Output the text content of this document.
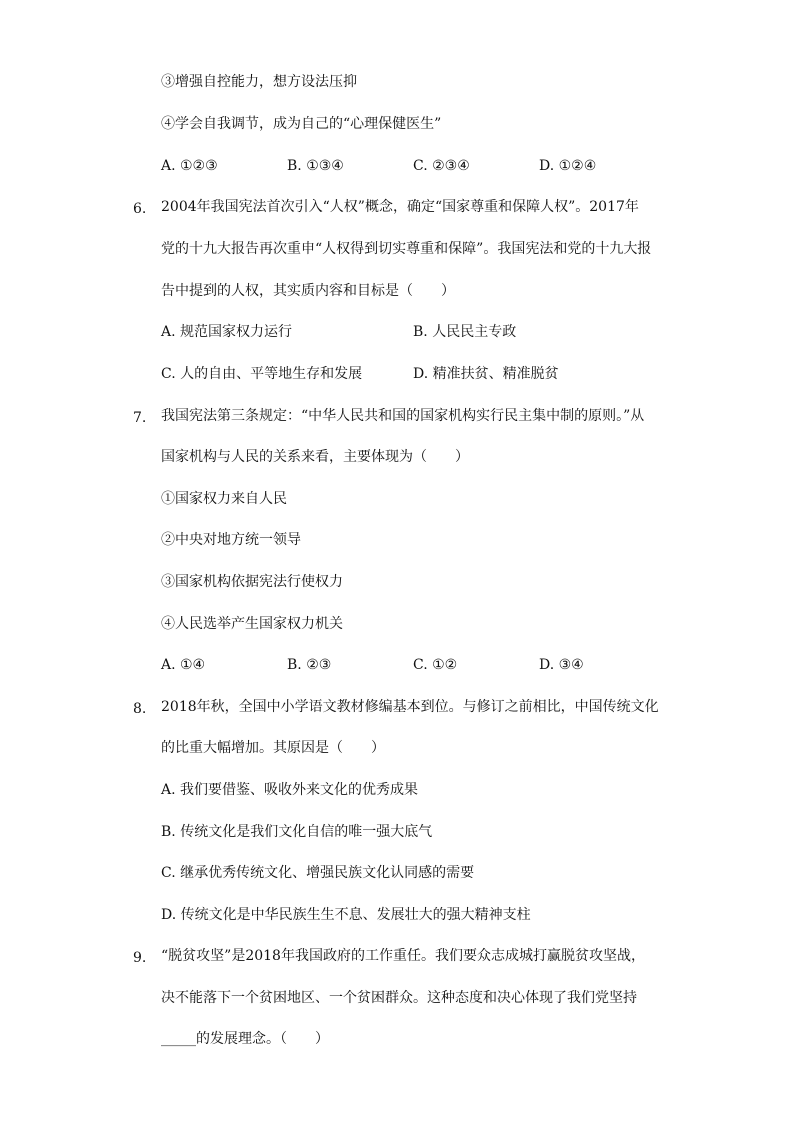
③增强自控能力，想方设法压抑
④学会自我调节，成为自己的“心理保健医生”
A. ①②③	B. ①③④	C. ②③④	D. ①②④
6. 2004年我国宪法首次引入“人权”概念，确定“国家尊重和保障人权”。2017年
党的十九大报告再次重申“人权得到切实尊重和保障”。我国宪法和党的十九大报
告中提到的人权，其实质内容和目标是（　　）
A. 规范国家权力运行	B. 人民民主专政
C. 人的自由、平等地生存和发展	D. 精准扶贫、精准脱贫
7. 我国宪法第三条规定：“中华人民共和国的国家机构实行民主集中制的原则。”从
国家机构与人民的关系来看，主要体现为（　　）
①国家权力来自人民
②中央对地方统一领导
③国家机构依据宪法行使权力
④人民选举产生国家权力机关
A. ①④	B. ②③	C. ①②	D. ③④
8. 2018年秋，全国中小学语文教材修编基本到位。与修订之前相比，中国传统文化
的比重大幅增加。其原因是（　　）
A. 我们要借鉴、吸收外来文化的优秀成果
B. 传统文化是我们文化自信的唯一强大底气
C. 继承优秀传统文化、增强民族文化认同感的需要
D. 传统文化是中华民族生生不息、发展壮大的强大精神支柱
9. “脱贫攻坚”是2018年我国政府的工作重任。我们要众志成城打赢脱贫攻坚战，
决不能落下一个贫困地区、一个贫困群众。这种态度和决心体现了我们党坚持
_____的发展理念。（　　）
